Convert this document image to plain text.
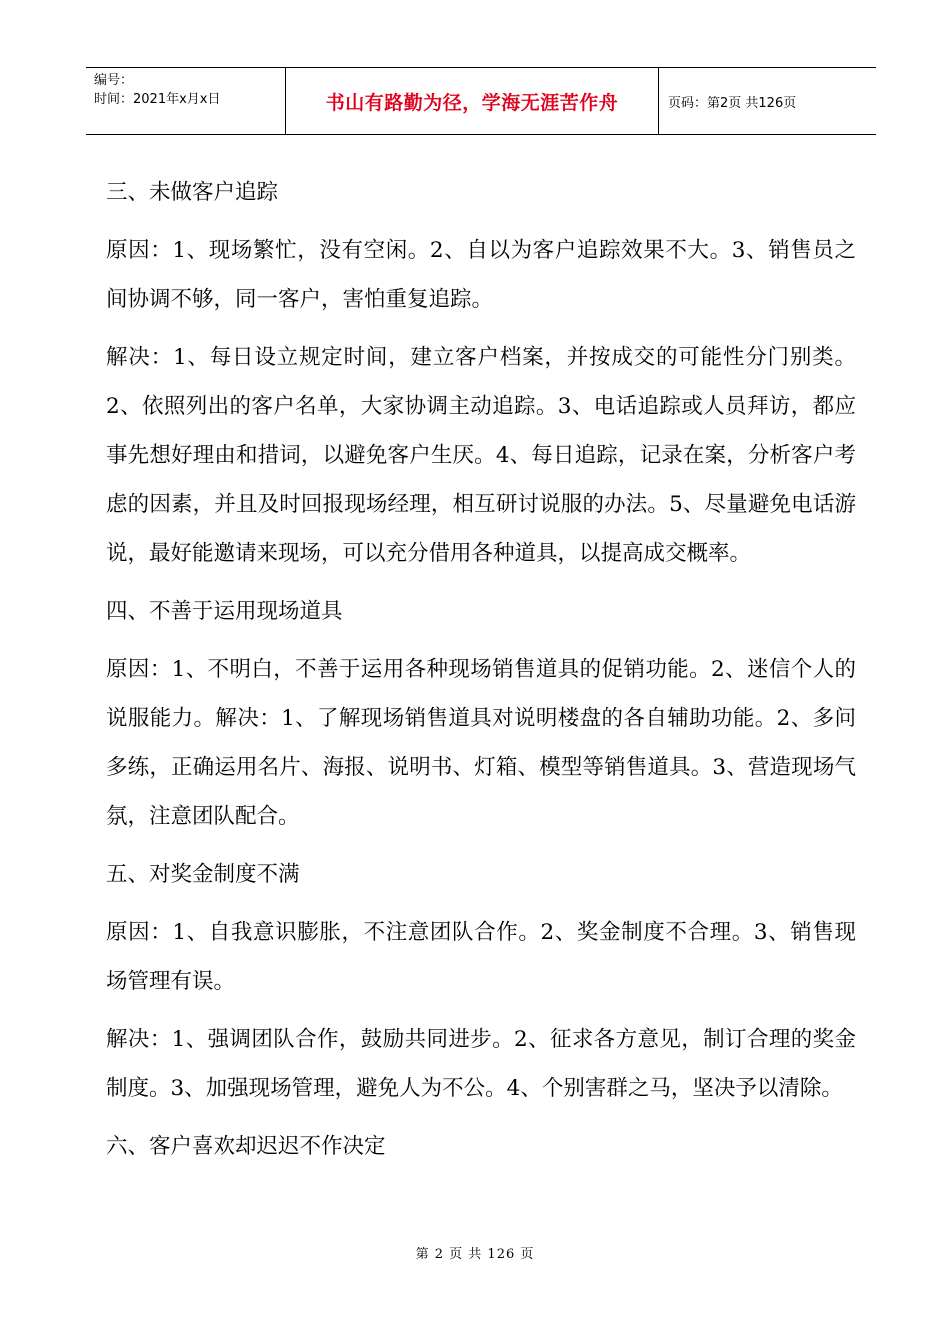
编号：
时间：2021年x月x日	书山有路勤为径，学海无涯苦作舟	页码：第2页 共126页

三、未做客户追踪

原因：1、现场繁忙，没有空闲。2、自以为客户追踪效果不大。3、销售员之间协调不够，同一客户，害怕重复追踪。

解决：1、每日设立规定时间，建立客户档案，并按成交的可能性分门别类。2、依照列出的客户名单，大家协调主动追踪。3、电话追踪或人员拜访，都应事先想好理由和措词，以避免客户生厌。4、每日追踪，记录在案，分析客户考虑的因素，并且及时回报现场经理，相互研讨说服的办法。5、尽量避免电话游说，最好能邀请来现场，可以充分借用各种道具，以提高成交概率。

四、不善于运用现场道具

原因：1、不明白，不善于运用各种现场销售道具的促销功能。2、迷信个人的说服能力。解决：1、了解现场销售道具对说明楼盘的各自辅助功能。2、多问多练，正确运用名片、海报、说明书、灯箱、模型等销售道具。3、营造现场气氛，注意团队配合。

五、对奖金制度不满

原因：1、自我意识膨胀，不注意团队合作。2、奖金制度不合理。3、销售现场管理有误。

解决：1、强调团队合作，鼓励共同进步。2、征求各方意见，制订合理的奖金制度。3、加强现场管理，避免人为不公。4、个别害群之马，坚决予以清除。

六、客户喜欢却迟迟不作决定

第 2 页 共 126 页
